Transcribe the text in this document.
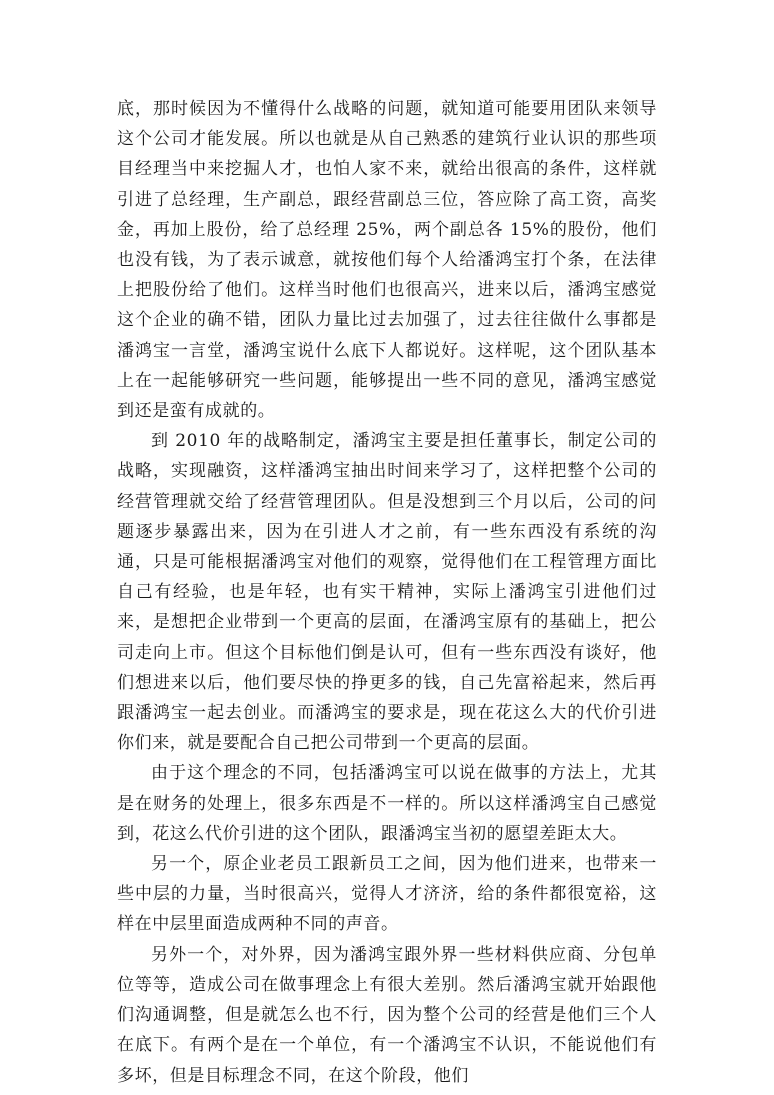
底，那时候因为不懂得什么战略的问题，就知道可能要用团队来领导这个公司才能发展。所以也就是从自己熟悉的建筑行业认识的那些项目经理当中来挖掘人才，也怕人家不来，就给出很高的条件，这样就引进了总经理，生产副总，跟经营副总三位，答应除了高工资，高奖金，再加上股份，给了总经理 25%，两个副总各 15%的股份，他们也没有钱，为了表示诚意，就按他们每个人给潘鸿宝打个条，在法律上把股份给了他们。这样当时他们也很高兴，进来以后，潘鸿宝感觉这个企业的确不错，团队力量比过去加强了，过去往往做什么事都是潘鸿宝一言堂，潘鸿宝说什么底下人都说好。这样呢，这个团队基本上在一起能够研究一些问题，能够提出一些不同的意见，潘鸿宝感觉到还是蛮有成就的。

到 2010 年的战略制定，潘鸿宝主要是担任董事长，制定公司的战略，实现融资，这样潘鸿宝抽出时间来学习了，这样把整个公司的经营管理就交给了经营管理团队。但是没想到三个月以后，公司的问题逐步暴露出来，因为在引进人才之前，有一些东西没有系统的沟通，只是可能根据潘鸿宝对他们的观察，觉得他们在工程管理方面比自己有经验，也是年轻，也有实干精神，实际上潘鸿宝引进他们过来，是想把企业带到一个更高的层面，在潘鸿宝原有的基础上，把公司走向上市。但这个目标他们倒是认可，但有一些东西没有谈好，他们想进来以后，他们要尽快的挣更多的钱，自己先富裕起来，然后再跟潘鸿宝一起去创业。而潘鸿宝的要求是，现在花这么大的代价引进你们来，就是要配合自己把公司带到一个更高的层面。

由于这个理念的不同，包括潘鸿宝可以说在做事的方法上，尤其是在财务的处理上，很多东西是不一样的。所以这样潘鸿宝自己感觉到，花这么代价引进的这个团队，跟潘鸿宝当初的愿望差距太大。

另一个，原企业老员工跟新员工之间，因为他们进来，也带来一些中层的力量，当时很高兴，觉得人才济济，给的条件都很宽裕，这样在中层里面造成两种不同的声音。

另外一个，对外界，因为潘鸿宝跟外界一些材料供应商、分包单位等等，造成公司在做事理念上有很大差别。然后潘鸿宝就开始跟他们沟通调整，但是就怎么也不行，因为整个公司的经营是他们三个人在底下。有两个是在一个单位，有一个潘鸿宝不认识，不能说他们有多坏，但是目标理念不同，在这个阶段，他们
